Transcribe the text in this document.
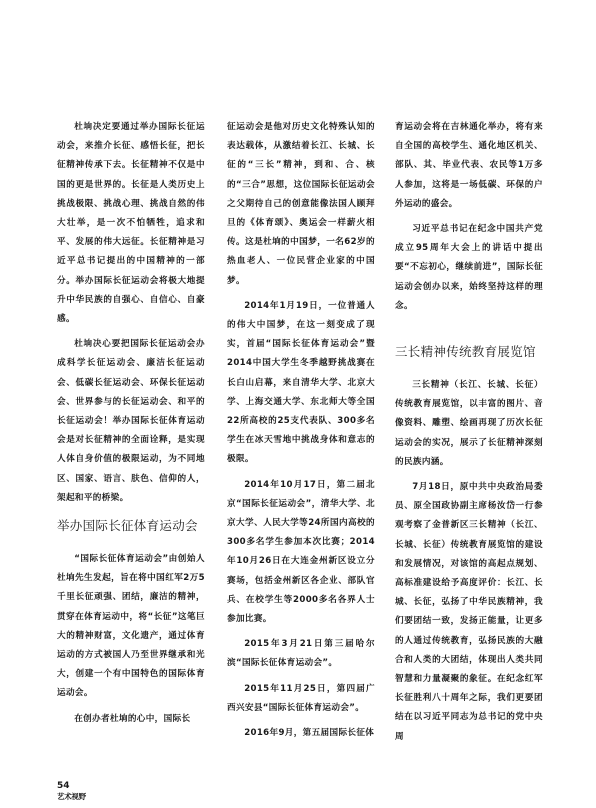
杜垧决定要通过举办国际长征运动会，来推介长征、感悟长征，把长征精神传承下去。长征精神不仅是中国的更是世界的。长征是人类历史上挑战极限、挑战心理、挑战自然的伟大壮举，是一次不怕牺牲，追求和平、发展的伟大远征。长征精神是习近平总书记提出的中国精神的一部分。举办国际长征运动会将极大地提升中华民族的自强心、自信心、自豪感。

杜垧决心要把国际长征运动会办成科学长征运动会、廉洁长征运动会、低碳长征运动会、环保长征运动会、世界参与的长征运动会、和平的长征运动会！举办国际长征体育运动会是对长征精神的全面诠释，是实现人体自身价值的极限运动，为不同地区、国家、语言、肤色、信仰的人，架起和平的桥梁。

举办国际长征体育运动会

“国际长征体育运动会”由创始人杜垧先生发起，旨在将中国红军2万5千里长征顽强、团结，廉洁的精神，贯穿在体育运动中，将“长征”这笔巨大的精神财富，文化遗产，通过体育运动的方式被国人乃至世界继承和光大，创建一个有中国特色的国际体育运动会。

在创办者杜垧的心中，国际长

征运动会是他对历史文化特殊认知的表达载体，从激结着长江、长城、长征的“三长”精神，到和、合、核的“三合”思想，这位国际长征运动会之父期待自己的创意能像法国人顾拜旦的《体育颂》、奥运会一样薪火相传。这是杜垧的中国梦，一名62岁的热血老人、一位民营企业家的中国梦。

2014年1月19日，一位普通人的伟大中国梦，在这一刻变成了现实，首届“国际长征体育运动会”暨2014中国大学生冬季越野挑战赛在长白山启幕，来自清华大学、北京大学、上海交通大学、东北师大等全国22所高校的25支代表队、300多名学生在冰天雪地中挑战身体和意志的极限。

2014年10月17日，第二届北京“国际长征运动会”，清华大学、北京大学、人民大学等24所国内高校的300多名学生参加本次比赛；2014年10月26日在大连金州新区设立分赛场，包括金州新区各企业、部队官兵、在校学生等2000多名各界人士参加比赛。

2015年3月21日第三届哈尔滨“国际长征体育运动会”。

2015年11月25日，第四届广西兴安县“国际长征体育运动会”。

2016年9月，第五届国际长征体

育运动会将在吉林通化举办，将有来自全国的高校学生、通化地区机关、部队、其、毕业代表、农民等1万多人参加，这将是一场低碳、环保的户外运动的盛会。

习近平总书记在纪念中国共产党成立95周年大会上的讲话中提出要“不忘初心，继续前进”，国际长征运动会创办以来，始终坚持这样的理念。

三长精神传统教育展览馆

三长精神（长江、长城、长征）传统教育展览馆，以丰富的图片、音像资料、雕塑、绘画再现了历次长征运动会的实况，展示了长征精神深刻的民族内涵。

7月18日，原中共中央政治局委员、原全国政协副主席杨汝岱一行参观考察了金普新区三长精神（长江、长城、长征）传统教育展览馆的建设和发展情况，对该馆的高起点规划、高标准建设给予高度评价：长江、长城、长征，弘扬了中华民族精神，我们要团结一致，发扬正能量，让更多的人通过传统教育，弘扬民族的大融合和人类的大团结，体现出人类共同智慧和力量凝聚的象征。在纪念红军长征胜利八十周年之际，我们更要团结在以习近平同志为总书记的党中央周

54
艺术视野
